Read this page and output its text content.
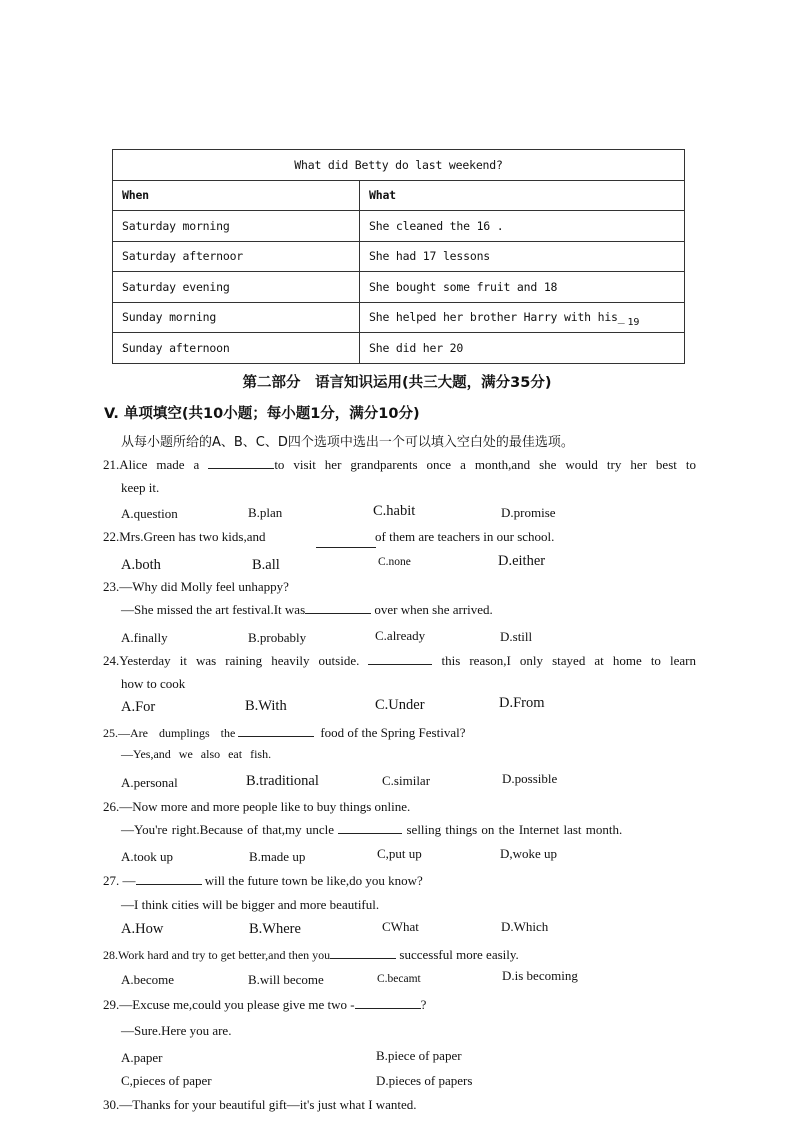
What did Betty do last weekend?	
When	What
Saturday morning	She cleaned the 16 .
Saturday afternoor	She had 17 lessons
Saturday evening	She bought some fruit and 18
Sunday morning	She helped her brother Harry with his_ 19
Sunday afternoon	She did her 20
第二部分　语言知识运用(共三大题，满分35分)
V. 单项填空(共10小题；每小题1分，满分10分)
从每小题所给的A、B、C、D四个选项中选出一个可以填入空白处的最佳选项。
21.Alice made a	to visit her grandparents once a month,and she would try her best to
keep it.
A.question	B.plan	C.habit	D.promise
22.Mrs.Green has two kids,and	of them are teachers in our school.
A.both	B.all	C.none	D.either
23.—Why did Molly feel unhappy?
—She missed the art festival.It was	over when she arrived.
A.finally	B.probably	C.already	D.still
24.Yesterday it was raining heavily outside.	this reason,I only stayed at home to learn
how to cook
A.For	B.With	C.Under	D.From
25.—Are dumplings the	food of the Spring Festival?
—Yes,and we also eat fish.
A.personal	B.traditional	C.similar	D.possible
26.—Now more and more people like to buy things online.
—You're right.Because of that,my uncle	selling things on the Internet last month.
A.took up	B.made up	C,put up	D,woke up
27. —	will the future town be like,do you know?
—I think cities will be bigger and more beautiful.
A.How	B.Where	CWhat	D.Which
28.Work hard and try to get better,and then you	successful more easily.
A.become	B.will become	C.becamt	D.is becoming
29.—Excuse me,could you please give me two -	?
—Sure.Here you are.
A.paper	B.piece of paper
C,pieces of paper	D.pieces of papers
30.—Thanks for your beautiful gift—it's just what I wanted.
